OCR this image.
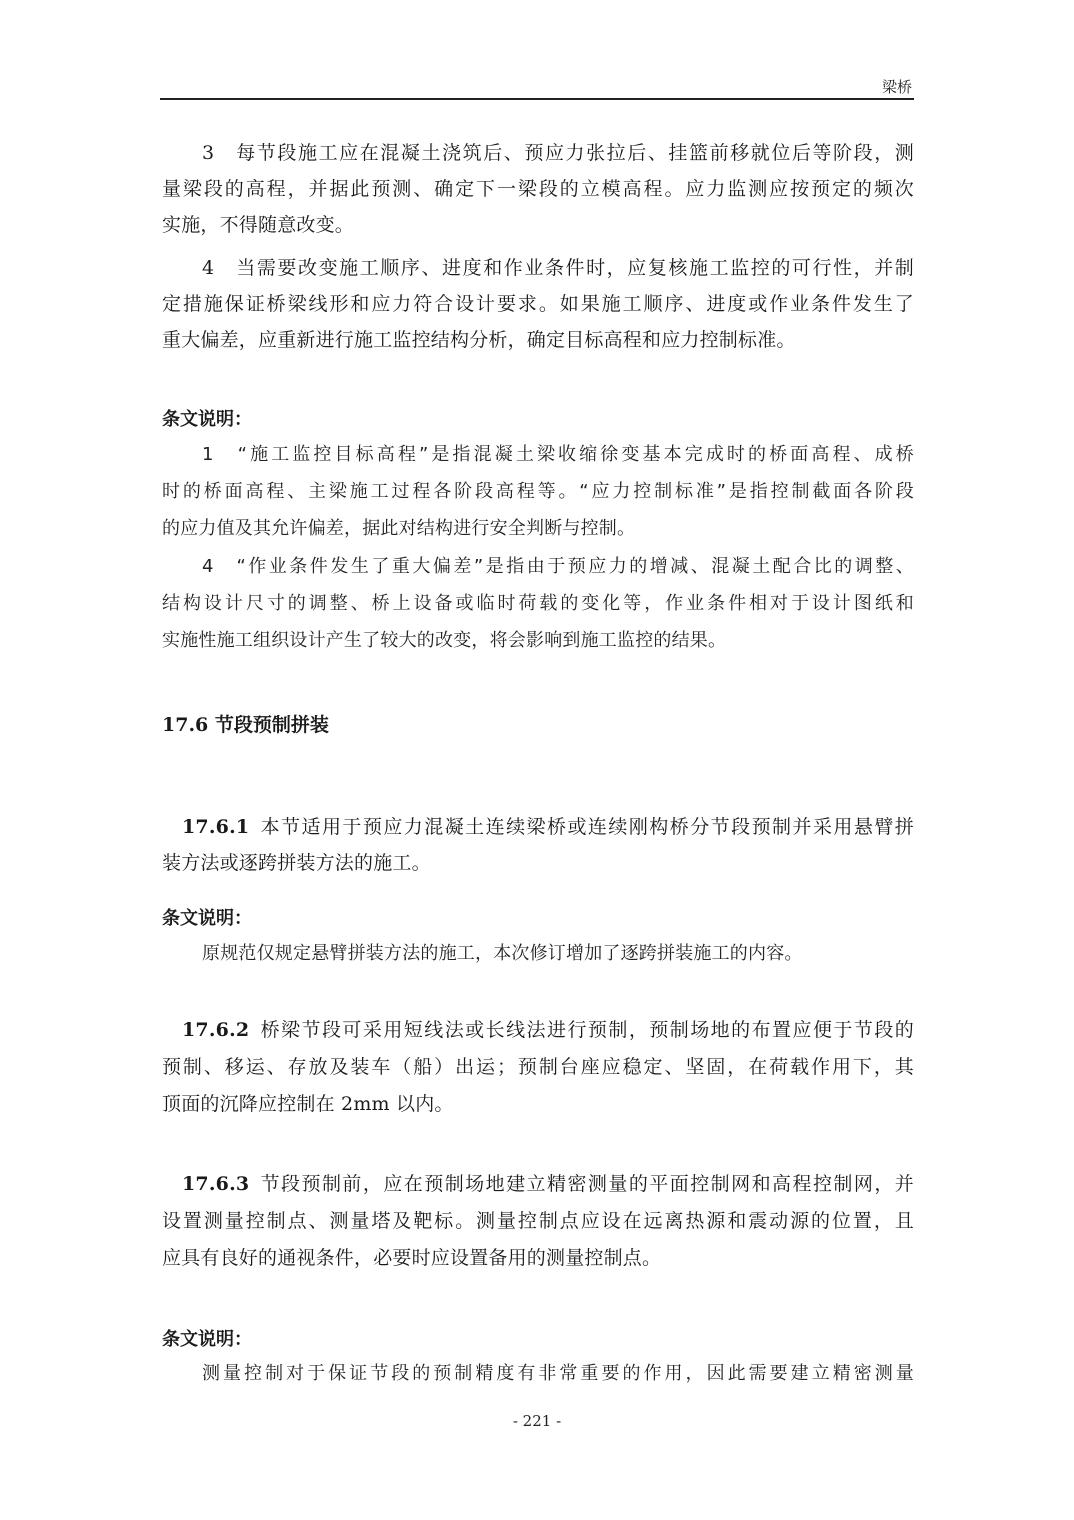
梁桥
3　每节段施工应在混凝土浇筑后、预应力张拉后、挂篮前移就位后等阶段，测
量梁段的高程，并据此预测、确定下一梁段的立模高程。应力监测应按预定的频次
实施，不得随意改变。
4　当需要改变施工顺序、进度和作业条件时，应复核施工监控的可行性，并制
定措施保证桥梁线形和应力符合设计要求。如果施工顺序、进度或作业条件发生了
重大偏差，应重新进行施工监控结构分析，确定目标高程和应力控制标准。
条文说明：
1　“施工监控目标高程”是指混凝土梁收缩徐变基本完成时的桥面高程、成桥
时的桥面高程、主梁施工过程各阶段高程等。“应力控制标准”是指控制截面各阶段
的应力值及其允许偏差，据此对结构进行安全判断与控制。
4　“作业条件发生了重大偏差”是指由于预应力的增减、混凝土配合比的调整、
结构设计尺寸的调整、桥上设备或临时荷载的变化等，作业条件相对于设计图纸和
实施性施工组织设计产生了较大的改变，将会影响到施工监控的结果。
17.6 节段预制拼装
17.6.1 本节适用于预应力混凝土连续梁桥或连续刚构桥分节段预制并采用悬臂拼
装方法或逐跨拼装方法的施工。
条文说明：
原规范仅规定悬臂拼装方法的施工，本次修订增加了逐跨拼装施工的内容。
17.6.2 桥梁节段可采用短线法或长线法进行预制，预制场地的布置应便于节段的
预制、移运、存放及装车（船）出运；预制台座应稳定、坚固，在荷载作用下，其
顶面的沉降应控制在 2mm 以内。
17.6.3 节段预制前，应在预制场地建立精密测量的平面控制网和高程控制网，并
设置测量控制点、测量塔及靶标。测量控制点应设在远离热源和震动源的位置，且
应具有良好的通视条件，必要时应设置备用的测量控制点。
条文说明：
测量控制对于保证节段的预制精度有非常重要的作用，因此需要建立精密测量
- 221 -
